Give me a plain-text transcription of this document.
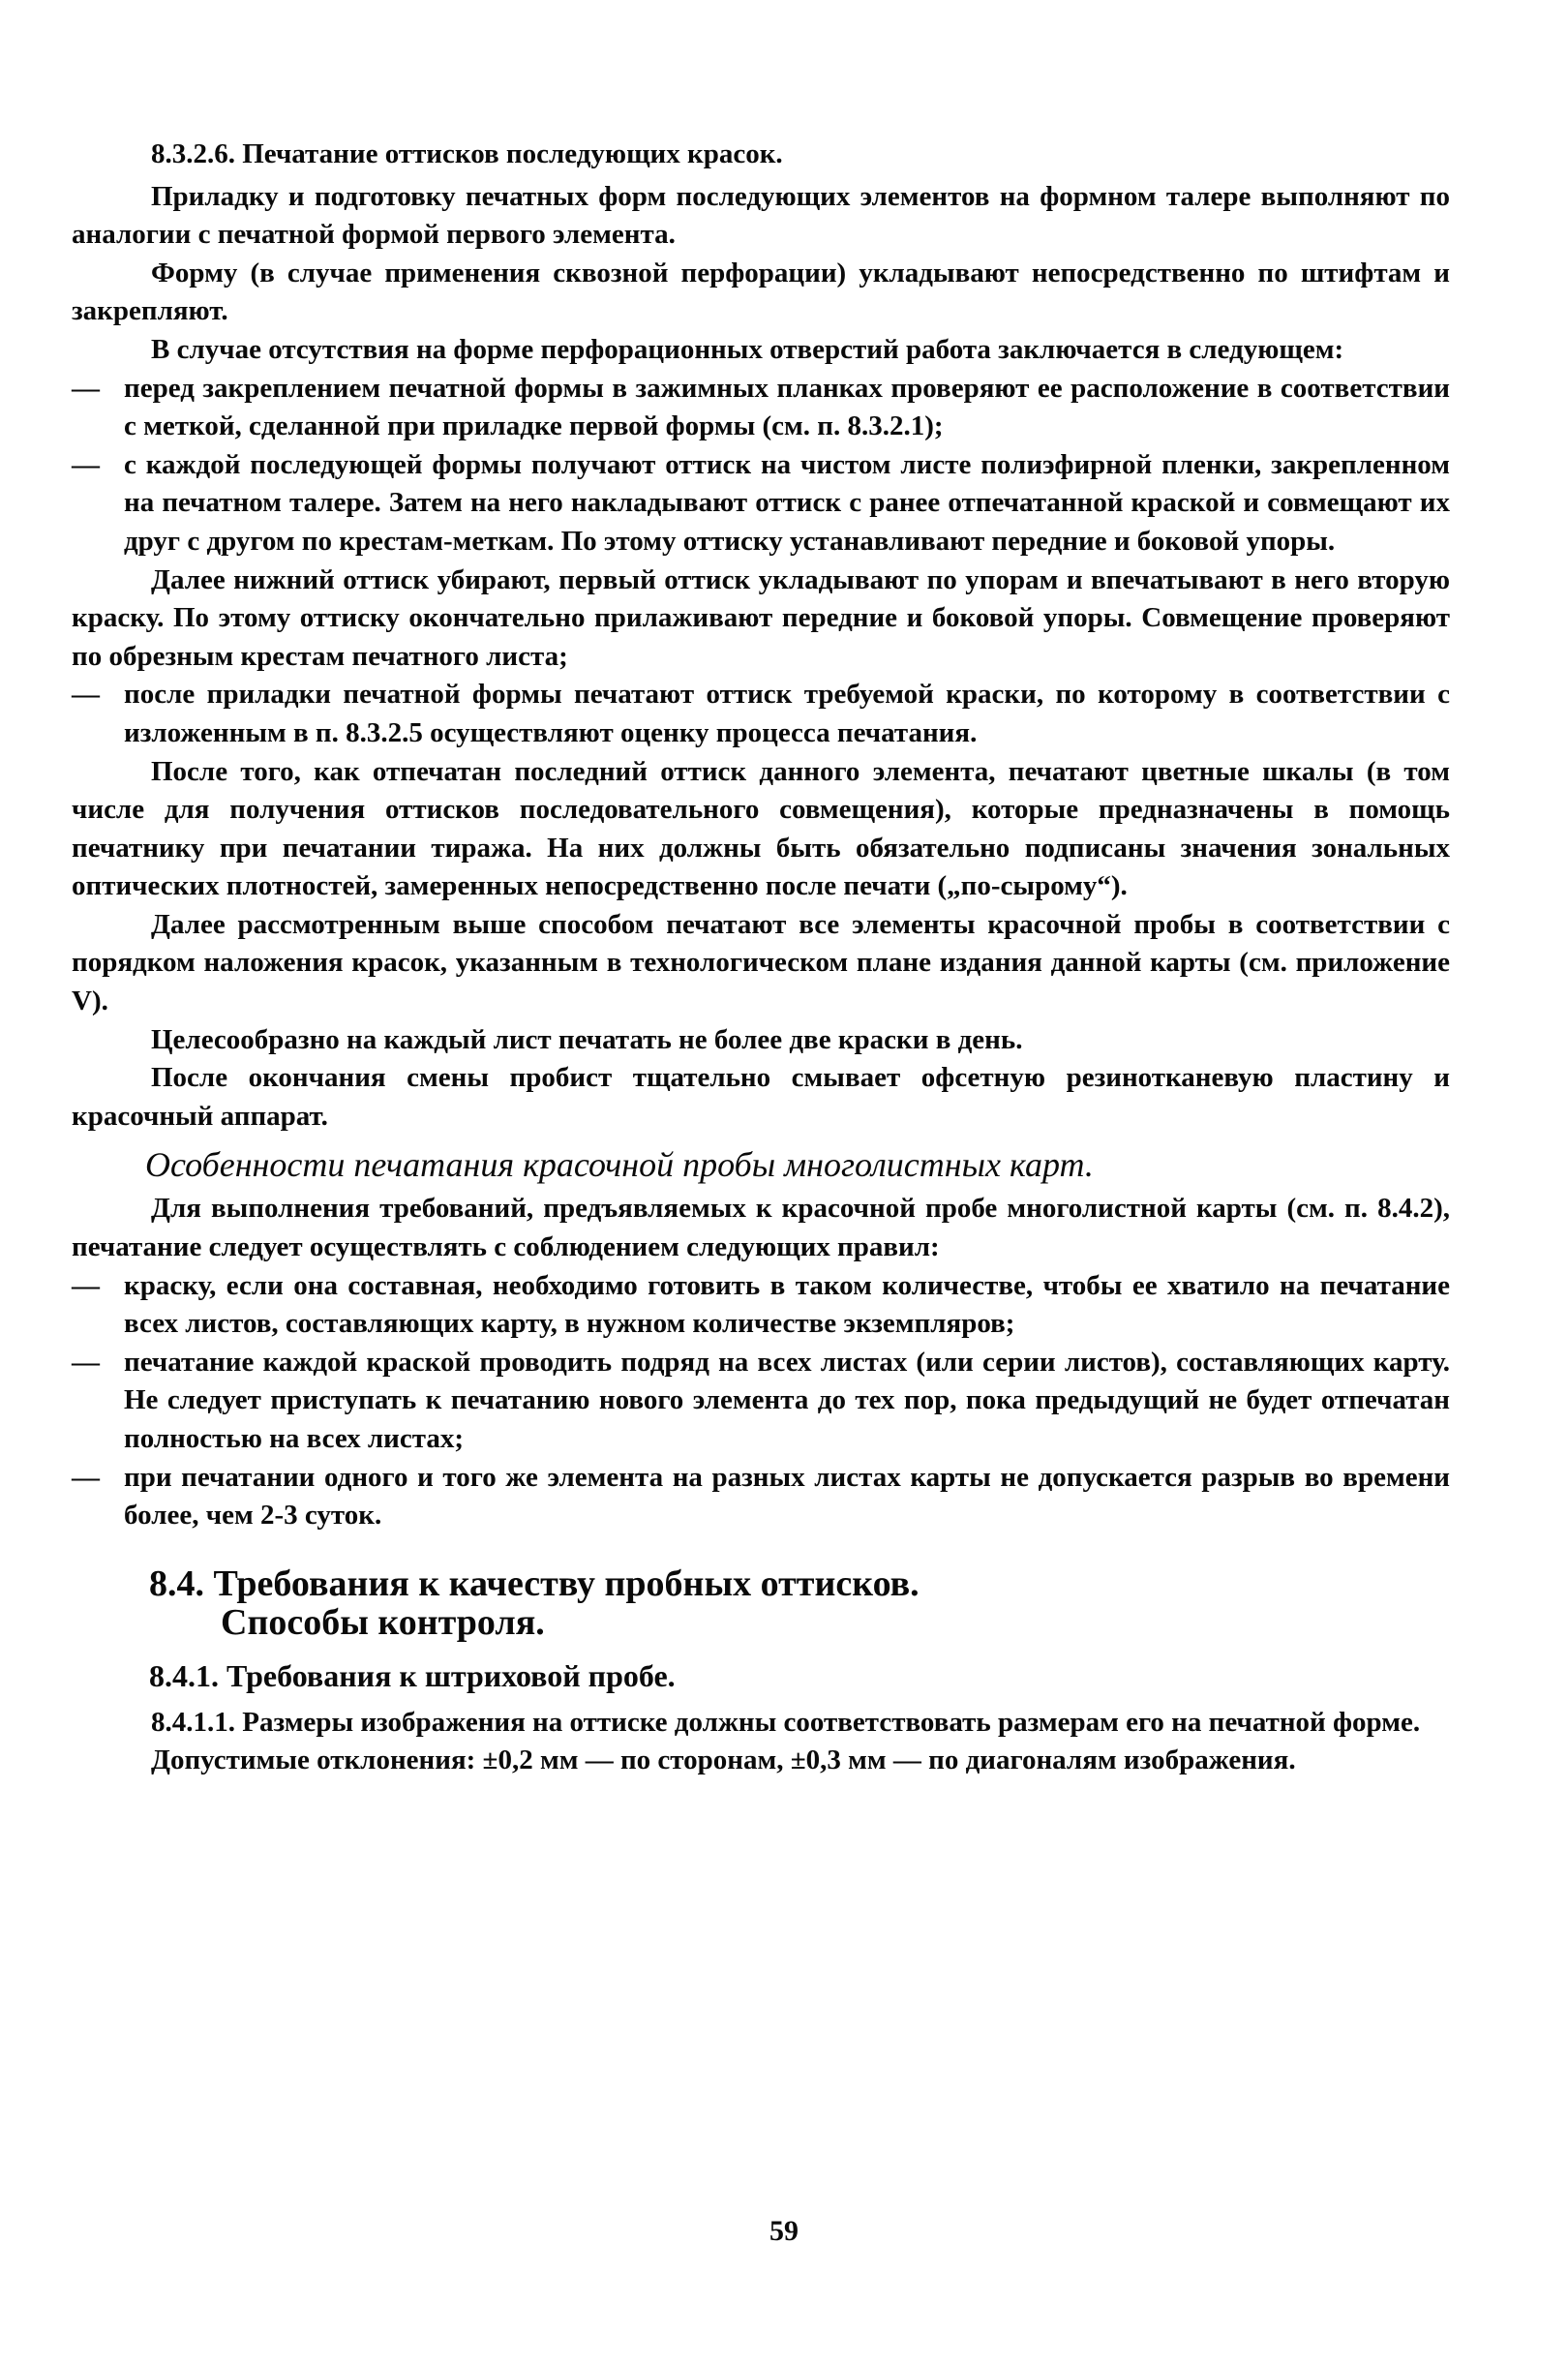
8.3.2.6. Печатание оттисков последующих красок.

Приладку и подготовку печатных форм последующих элементов на формном талере выполняют по аналогии с печатной формой первого элемента.

Форму (в случае применения сквозной перфорации) укладывают непосредственно по штифтам и закрепляют.

В случае отсутствия на форме перфорационных отверстий работа заключается в следующем:

— перед закреплением печатной формы в зажимных планках проверяют ее расположение в соответствии с меткой, сделанной при приладке первой формы (см. п. 8.3.2.1);

— с каждой последующей формы получают оттиск на чистом листе полиэфирной пленки, закрепленном на печатном талере. Затем на него накладывают оттиск с ранее отпечатанной краской и совмещают их друг с другом по крестам-меткам. По этому оттиску устанавливают передние и боковой упоры.

Далее нижний оттиск убирают, первый оттиск укладывают по упорам и впечатывают в него вторую краску. По этому оттиску окончательно прилаживают передние и боковой упоры. Совмещение проверяют по обрезным крестам печатного листа;

— после приладки печатной формы печатают оттиск требуемой краски, по которому в соответствии с изложенным в п. 8.3.2.5 осуществляют оценку процесса печатания.

После того, как отпечатан последний оттиск данного элемента, печатают цветные шкалы (в том числе для получения оттисков последовательного совмещения), которые предназначены в помощь печатнику при печатании тиража. На них должны быть обязательно подписаны значения зональных оптических плотностей, замеренных непосредственно после печати („по-сырому“).

Далее рассмотренным выше способом печатают все элементы красочной пробы в соответствии с порядком наложения красок, указанным в технологическом плане издания данной карты (см. приложение V).

Целесообразно на каждый лист печатать не более две краски в день.

После окончания смены пробист тщательно смывает офсетную резинотканевую пластину и красочный аппарат.

Особенности печатания красочной пробы многолистных карт.

Для выполнения требований, предъявляемых к красочной пробе многолистной карты (см. п. 8.4.2), печатание следует осуществлять с соблюдением следующих правил:

— краску, если она составная, необходимо готовить в таком количестве, чтобы ее хватило на печатание всех листов, составляющих карту, в нужном количестве экземпляров;

— печатание каждой краской проводить подряд на всех листах (или серии листов), составляющих карту. Не следует приступать к печатанию нового элемента до тех пор, пока предыдущий не будет отпечатан полностью на всех листах;

— при печатании одного и того же элемента на разных листах карты не допускается разрыв во времени более, чем 2-3 суток.

8.4. Требования к качеству пробных оттисков.
Способы контроля.

8.4.1. Требования к штриховой пробе.

8.4.1.1. Размеры изображения на оттиске должны соответствовать размерам его на печатной форме.

Допустимые отклонения: ±0,2 мм — по сторонам, ±0,3 мм — по диагоналям изображения.

59
